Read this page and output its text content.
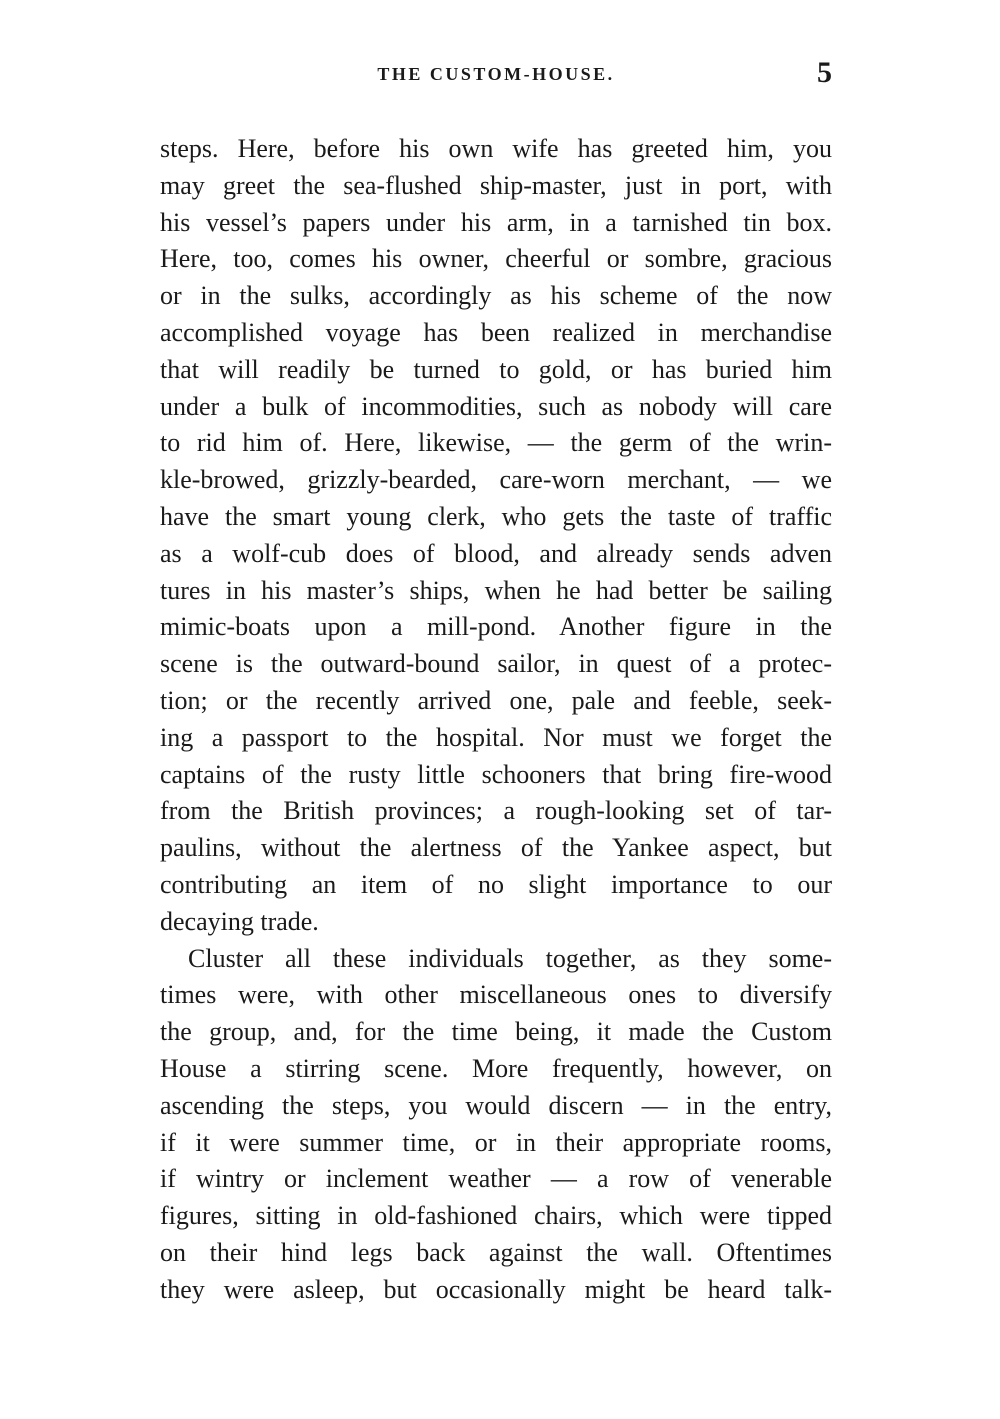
THE CUSTOM-HOUSE.	5
steps. Here, before his own wife has greeted him, you
may greet the sea-flushed ship-master, just in port, with
his vessel’s papers under his arm, in a tarnished tin box.
Here, too, comes his owner, cheerful or sombre, gracious
or in the sulks, accordingly as his scheme of the now
accomplished voyage has been realized in merchandise
that will readily be turned to gold, or has buried him
under a bulk of incommodities, such as nobody will care
to rid him of. Here, likewise, — the germ of the wrin-
kle-browed, grizzly-bearded, care-worn merchant, — we
have the smart young clerk, who gets the taste of traffic
as a wolf-cub does of blood, and already sends adven
tures in his master’s ships, when he had better be sailing
mimic-boats upon a mill-pond. Another figure in the
scene is the outward-bound sailor, in quest of a protec-
tion; or the recently arrived one, pale and feeble, seek-
ing a passport to the hospital. Nor must we forget the
captains of the rusty little schooners that bring fire-wood
from the British provinces; a rough-looking set of tar-
paulins, without the alertness of the Yankee aspect, but
contributing an item of no slight importance to our
decaying trade.
Cluster all these individuals together, as they some-
times were, with other miscellaneous ones to diversify
the group, and, for the time being, it made the Custom
House a stirring scene. More frequently, however, on
ascending the steps, you would discern — in the entry,
if it were summer time, or in their appropriate rooms,
if wintry or inclement weather — a row of venerable
figures, sitting in old-fashioned chairs, which were tipped
on their hind legs back against the wall. Oftentimes
they were asleep, but occasionally might be heard talk-
